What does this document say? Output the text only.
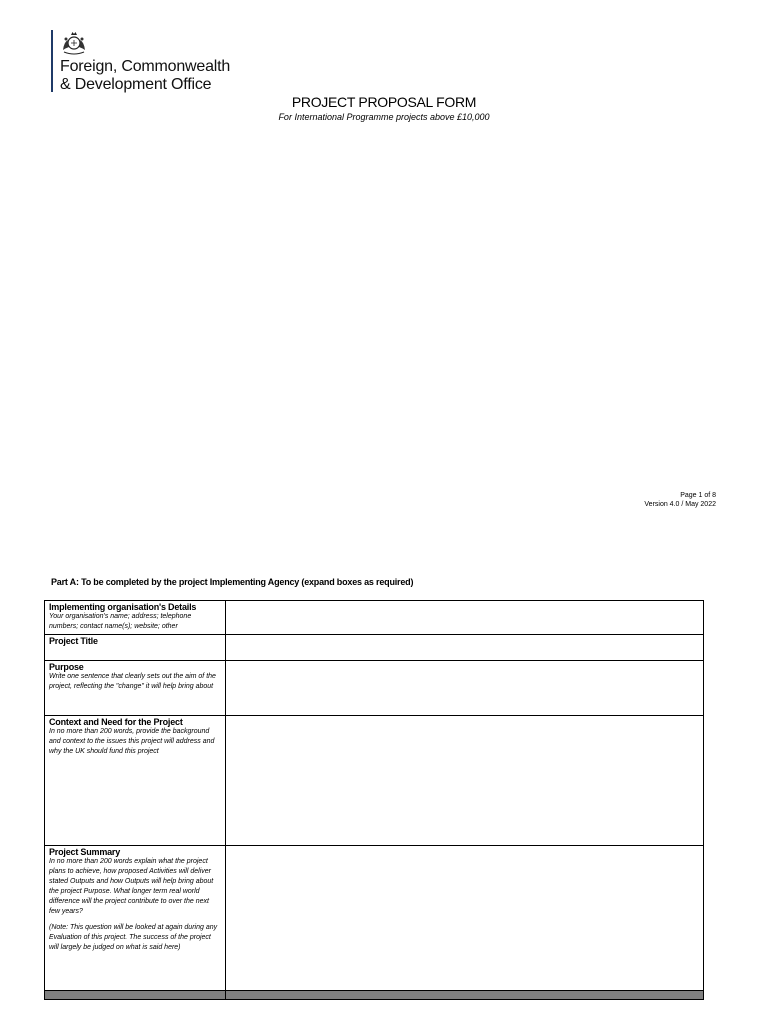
Foreign, Commonwealth
& Development Office
PROJECT PROPOSAL FORM
For International Programme projects above £10,000
Page 1 of 8
Version 4.0 / May 2022
Part A: To be completed by the project Implementing Agency (expand boxes as required)
Implementing organisation's Details
Your organisation's name; address; telephone numbers; contact name(s); website; other	

Project Title	

Purpose
Write one sentence that clearly sets out the aim of the project, reflecting the "change" it will help bring about	

Context and Need for the Project
In no more than 200 words, provide the background and context to the issues this project will address and why the UK should fund this project	

Project Summary
In no more than 200 words explain what the project plans to achieve, how proposed Activities will deliver stated Outputs and how Outputs will help bring about the project Purpose. What longer term real world difference will the project contribute to over the next few years?
(Note: This question will be looked at again during any Evaluation of this project. The success of the project will largely be judged on what is said here)	
